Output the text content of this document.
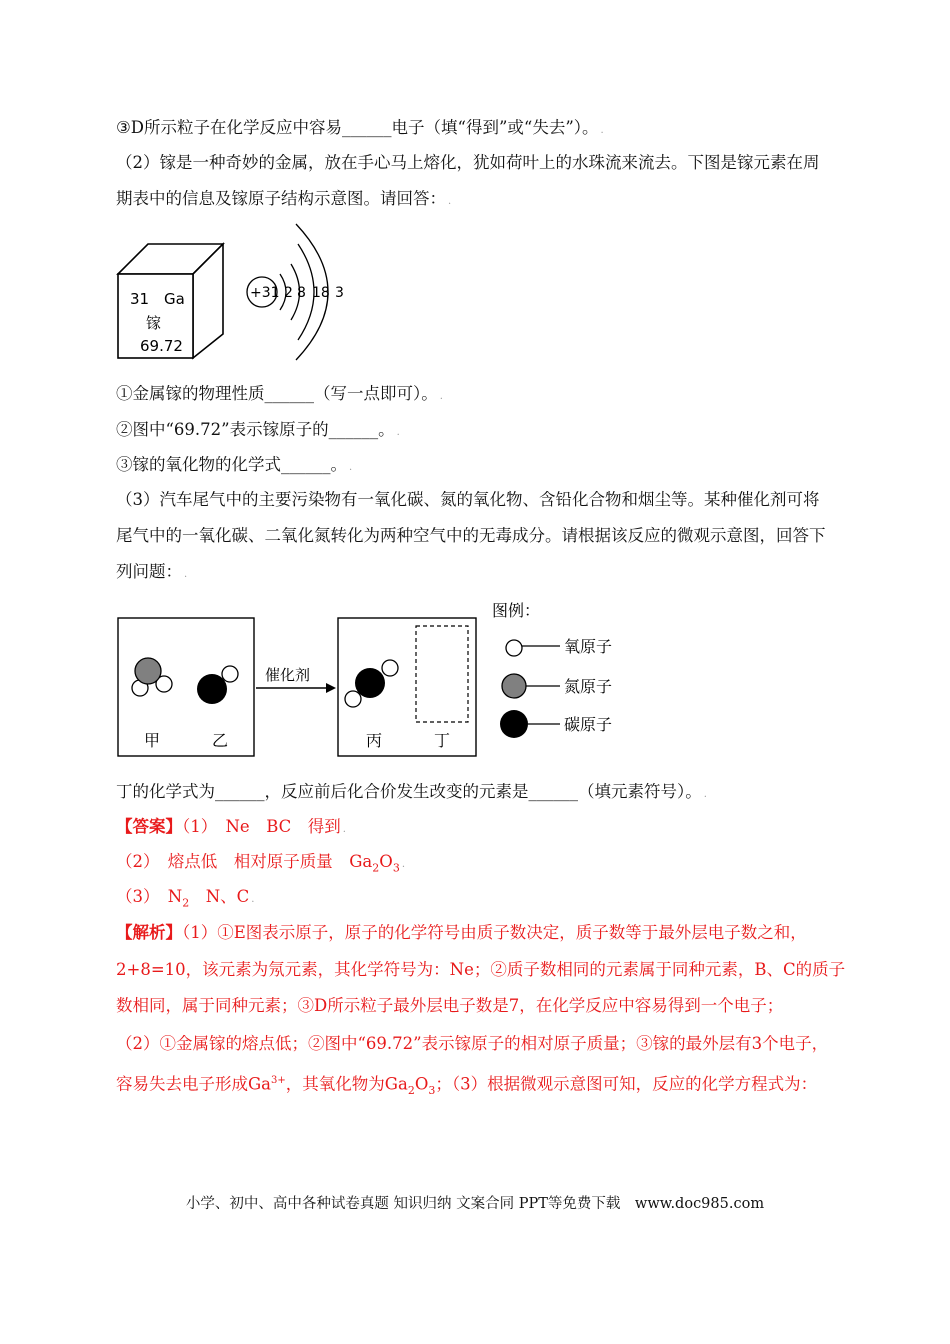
③D所示粒子在化学反应中容易______电子（填“得到”或“失去”）。 .
（2）镓是一种奇妙的金属，放在手心马上熔化，犹如荷叶上的水珠流来流去。下图是镓元素在周
期表中的信息及镓原子结构示意图。请回答： .
31 Ga
镓
69.72
+31 2 8 18 3
①金属镓的物理性质______（写一点即可）。 .
②图中“69.72”表示镓原子的______。 .
③镓的氧化物的化学式______。 .
（3）汽车尾气中的主要污染物有一氧化碳、氮的氧化物、含铅化合物和烟尘等。某种催化剂可将
尾气中的一氧化碳、二氧化氮转化为两种空气中的无毒成分。请根据该反应的微观示意图，回答下
列问题： .
甲	乙
催化剂
丙	丁
图例：
氧原子
氮原子
碳原子
丁的化学式为______，反应前后化合价发生改变的元素是______（填元素符号）。 .
【答案】（1）　Ne　BC　得到 .
（2）　熔点低　相对原子质量　$Ga_2O_3$ .
（3）　$N_2$　N、C .
【解析】（1）①E图表示原子，原子的化学符号由质子数决定，质子数等于最外层电子数之和，
2+8=10，该元素为氖元素，其化学符号为：Ne；②质子数相同的元素属于同种元素，B、C的质子
数相同，属于同种元素；③D所示粒子最外层电子数是7，在化学反应中容易得到一个电子；
（2）①金属镓的熔点低；②图中“69.72”表示镓原子的相对原子质量；③镓的最外层有3个电子，
容易失去电子形成$Ga^{3+}$，其氧化物为$Ga_2O_3$；（3）根据微观示意图可知，反应的化学方程式为：
小学、初中、高中各种试卷真题 知识归纳 文案合同 PPT等免费下载　www.doc985.com
